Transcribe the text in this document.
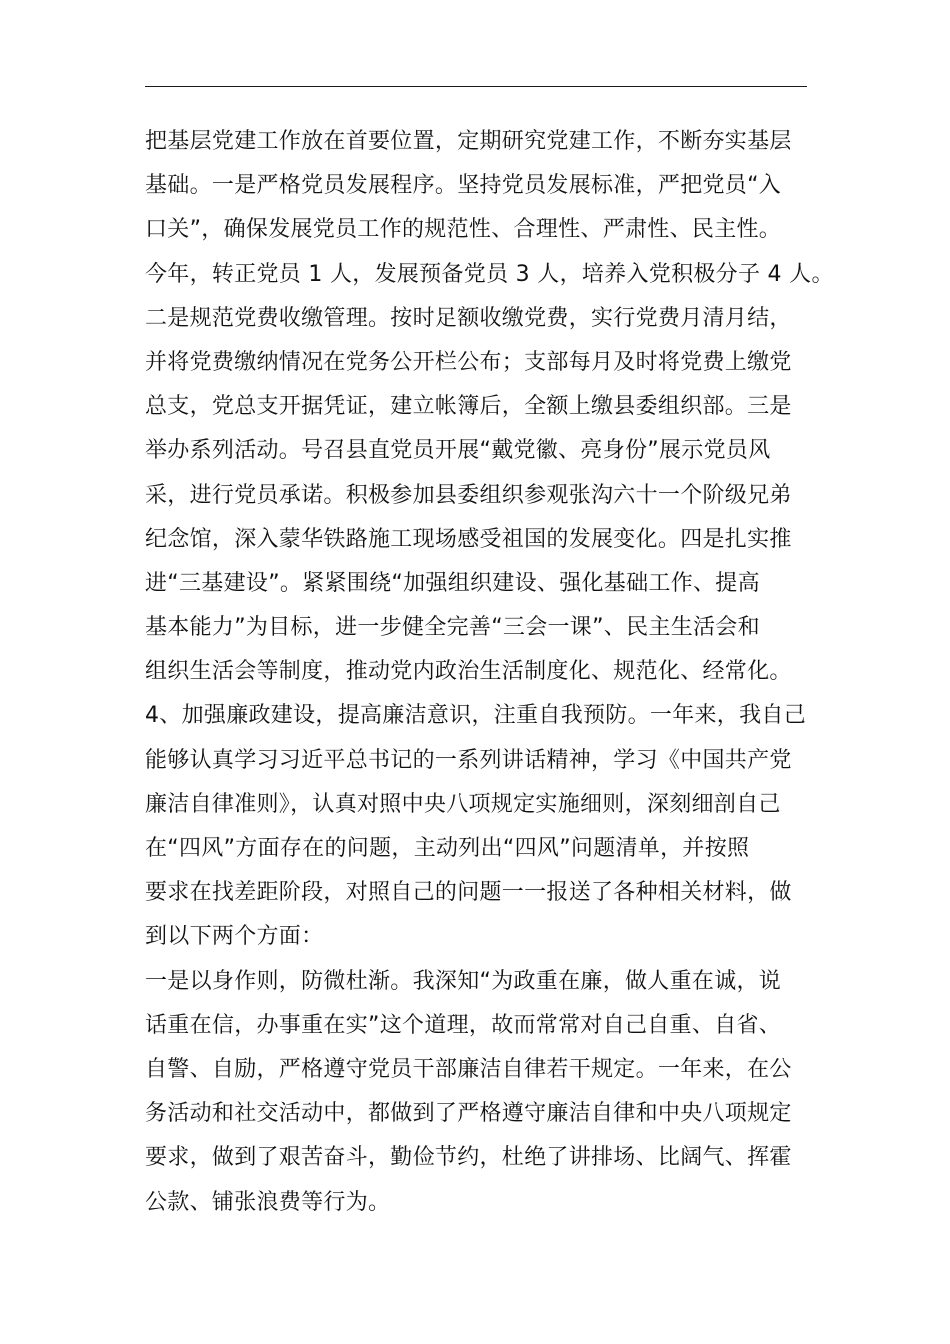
把基层党建工作放在首要位置，定期研究党建工作，不断夯实基层
基础。一是严格党员发展程序。坚持党员发展标准，严把党员“入
口关”，确保发展党员工作的规范性、合理性、严肃性、民主性。
今年，转正党员 1 人，发展预备党员 3 人，培养入党积极分子 4 人。
二是规范党费收缴管理。按时足额收缴党费，实行党费月清月结，
并将党费缴纳情况在党务公开栏公布；支部每月及时将党费上缴党
总支，党总支开据凭证，建立帐簿后，全额上缴县委组织部。三是
举办系列活动。号召县直党员开展“戴党徽、亮身份”展示党员风
采，进行党员承诺。积极参加县委组织参观张沟六十一个阶级兄弟
纪念馆，深入蒙华铁路施工现场感受祖国的发展变化。四是扎实推
进“三基建设”。紧紧围绕“加强组织建设、强化基础工作、提高
基本能力”为目标，进一步健全完善“三会一课”、民主生活会和
组织生活会等制度，推动党内政治生活制度化、规范化、经常化。
4、加强廉政建设，提高廉洁意识，注重自我预防。一年来，我自己
能够认真学习习近平总书记的一系列讲话精神，学习《中国共产党
廉洁自律准则》，认真对照中央八项规定实施细则，深刻细剖自己
在“四风”方面存在的问题，主动列出“四风”问题清单，并按照
要求在找差距阶段，对照自己的问题一一报送了各种相关材料，做
到以下两个方面：
一是以身作则，防微杜渐。我深知“为政重在廉，做人重在诚，说
话重在信，办事重在实”这个道理，故而常常对自己自重、自省、
自警、自励，严格遵守党员干部廉洁自律若干规定。一年来，在公
务活动和社交活动中，都做到了严格遵守廉洁自律和中央八项规定
要求，做到了艰苦奋斗，勤俭节约，杜绝了讲排场、比阔气、挥霍
公款、铺张浪费等行为。
